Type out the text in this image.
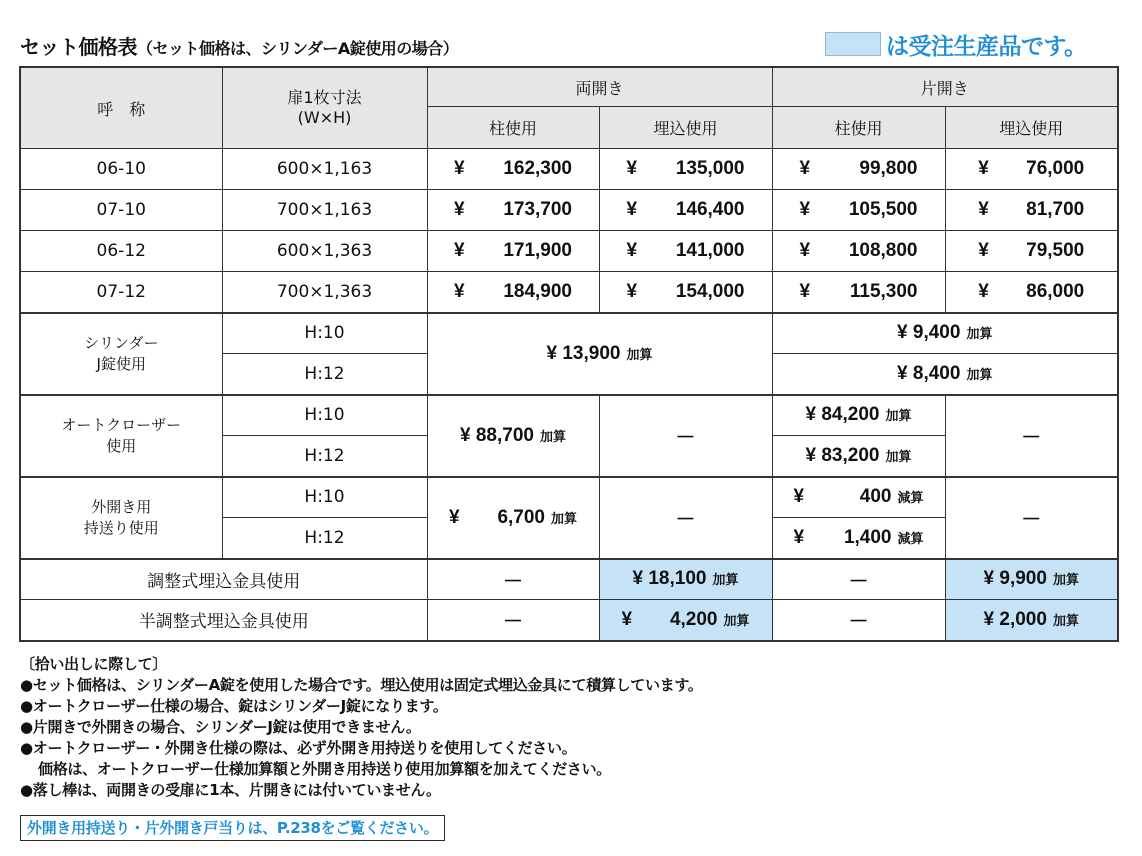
セット価格表（セット価格は、シリンダーA錠使用の場合）	は受注生産品です。
呼　称	扉1枚寸法
(W×H)	両開き		片開き	
		柱使用	埋込使用	柱使用	埋込使用
06-10	600×1,163	¥ 162,300	¥ 135,000	¥ 99,800	¥ 76,000
07-10	700×1,163	¥ 173,700	¥ 146,400	¥ 105,500	¥ 81,700
06-12	600×1,363	¥ 171,900	¥ 141,000	¥ 108,800	¥ 79,500
07-12	700×1,363	¥ 184,900	¥ 154,000	¥ 115,300	¥ 86,000
シリンダー
J錠使用	H:10	¥ 13,900 加算		¥ 9,400 加算	
	H:12			¥ 8,400 加算	
オートクローザー
使用	H:10	¥ 88,700 加算	－	¥ 84,200 加算	－
	H:12			¥ 83,200 加算	
外開き用
持送り使用	H:10	¥ 6,700 加算	－	¥ 400 減算	－
	H:12			¥ 1,400 減算	
調整式埋込金具使用		－	¥ 18,100 加算	－	¥ 9,900 加算
半調整式埋込金具使用		－	¥ 4,200 加算	－	¥ 2,000 加算
〔拾い出しに際して〕
●セット価格は、シリンダーA錠を使用した場合です。埋込使用は固定式埋込金具にて積算しています。
●オートクローザー仕様の場合、錠はシリンダーJ錠になります。
●片開きで外開きの場合、シリンダーJ錠は使用できません。
●オートクローザー・外開き仕様の際は、必ず外開き用持送りを使用してください。
価格は、オートクローザー仕様加算額と外開き用持送り使用加算額を加えてください。
●落し棒は、両開きの受扉に1本、片開きには付いていません。
外開き用持送り・片外開き戸当りは、P.238をご覧ください。
